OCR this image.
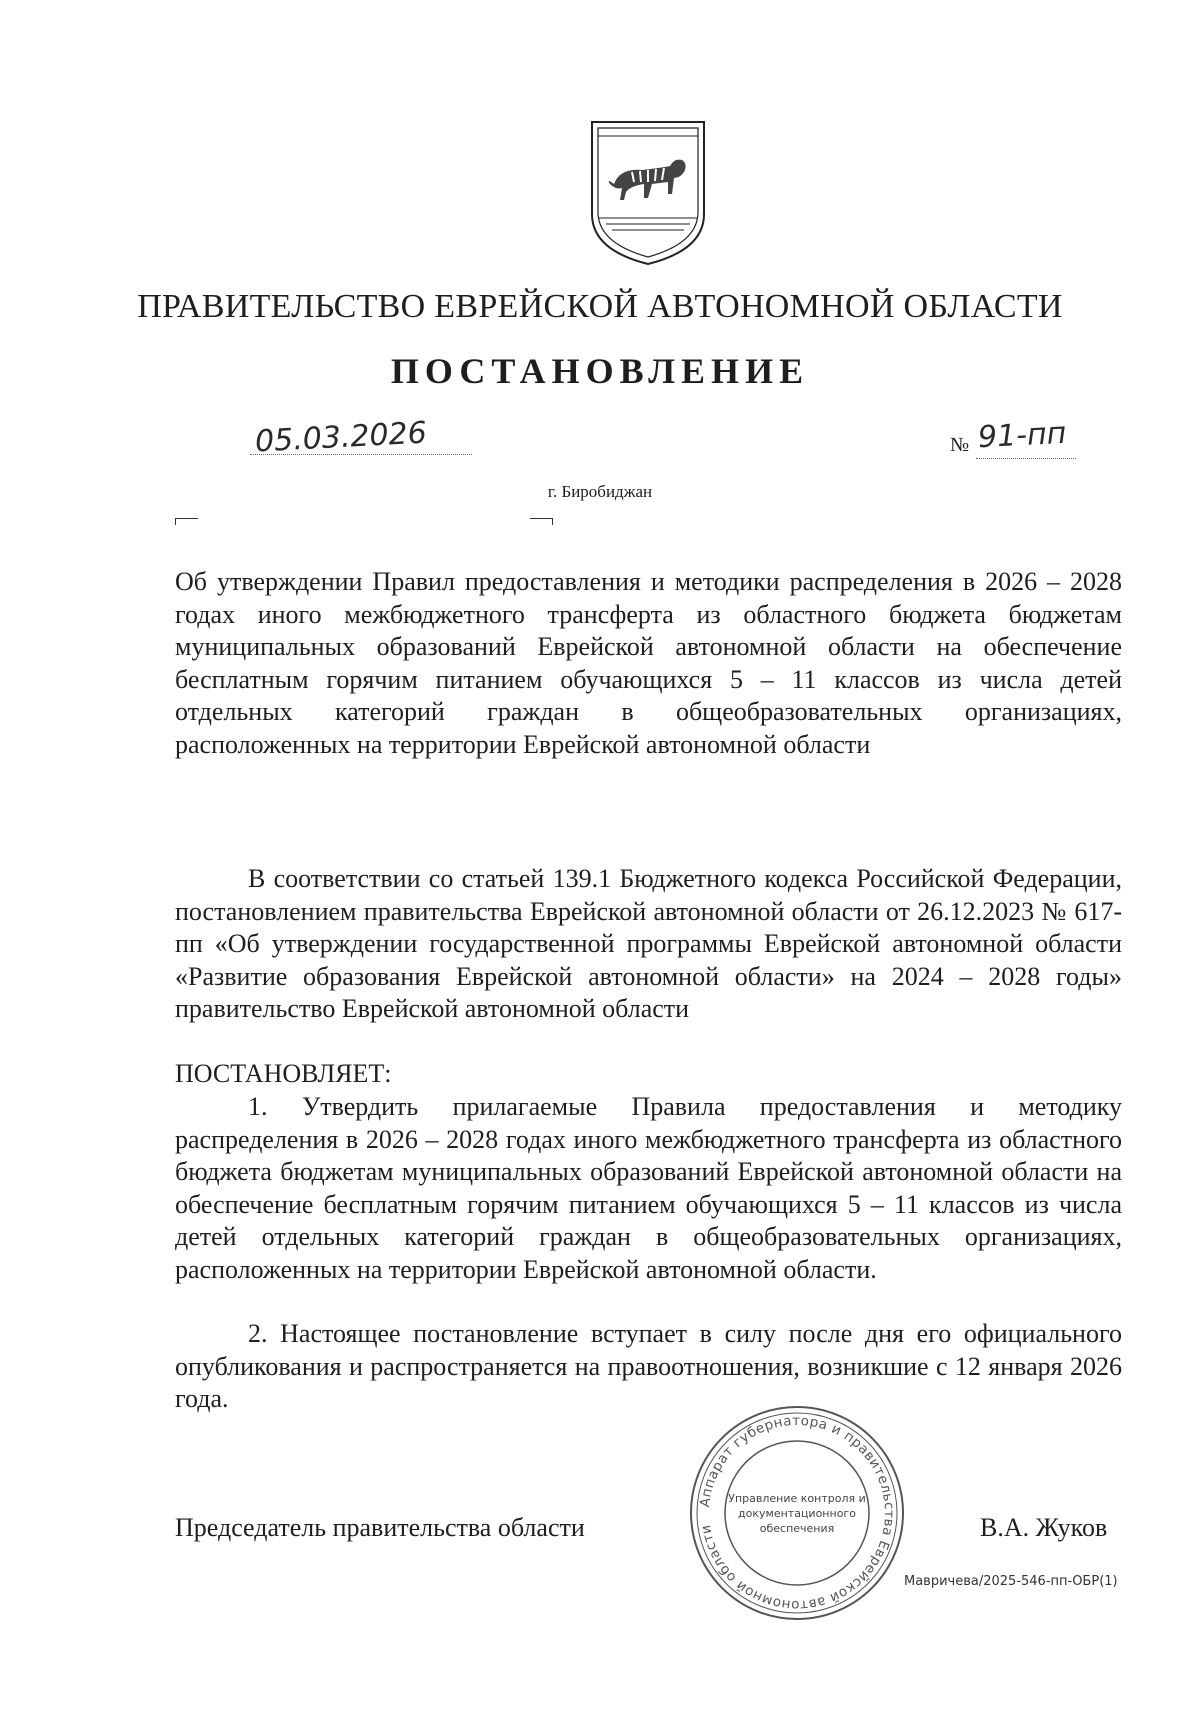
ПРАВИТЕЛЬСТВО ЕВРЕЙСКОЙ АВТОНОМНОЙ ОБЛАСТИ
ПОСТАНОВЛЕНИЕ
05.03.2026	№ 91-пп
г. Биробиджан
Об утверждении Правил предоставления и методики распределения в 2026 – 2028 годах иного межбюджетного трансферта из областного бюджета бюджетам муниципальных образований Еврейской автономной области на обеспечение бесплатным горячим питанием обучающихся 5 – 11 классов из числа детей отдельных категорий граждан в общеобразовательных организациях, расположенных на территории Еврейской автономной области
В соответствии со статьей 139.1 Бюджетного кодекса Российской Федерации, постановлением правительства Еврейской автономной области от 26.12.2023 № 617-пп «Об утверждении государственной программы Еврейской автономной области «Развитие образования Еврейской автономной области» на 2024 – 2028 годы» правительство Еврейской автономной области
ПОСТАНОВЛЯЕТ:
1. Утвердить прилагаемые Правила предоставления и методику распределения в 2026 – 2028 годах иного межбюджетного трансферта из областного бюджета бюджетам муниципальных образований Еврейской автономной области на обеспечение бесплатным горячим питанием обучающихся 5 – 11 классов из числа детей отдельных категорий граждан в общеобразовательных организациях, расположенных на территории Еврейской автономной области.
2. Настоящее постановление вступает в силу после дня его официального опубликования и распространяется на правоотношения, возникшие с 12 января 2026 года.
Председатель правительства области	В.А. Жуков
Аппарат губернатора и правительства Еврейской автономной области
Управление контроля и
документационного
обеспечения
Мавричева/2025-546-пп-ОБР(1)
